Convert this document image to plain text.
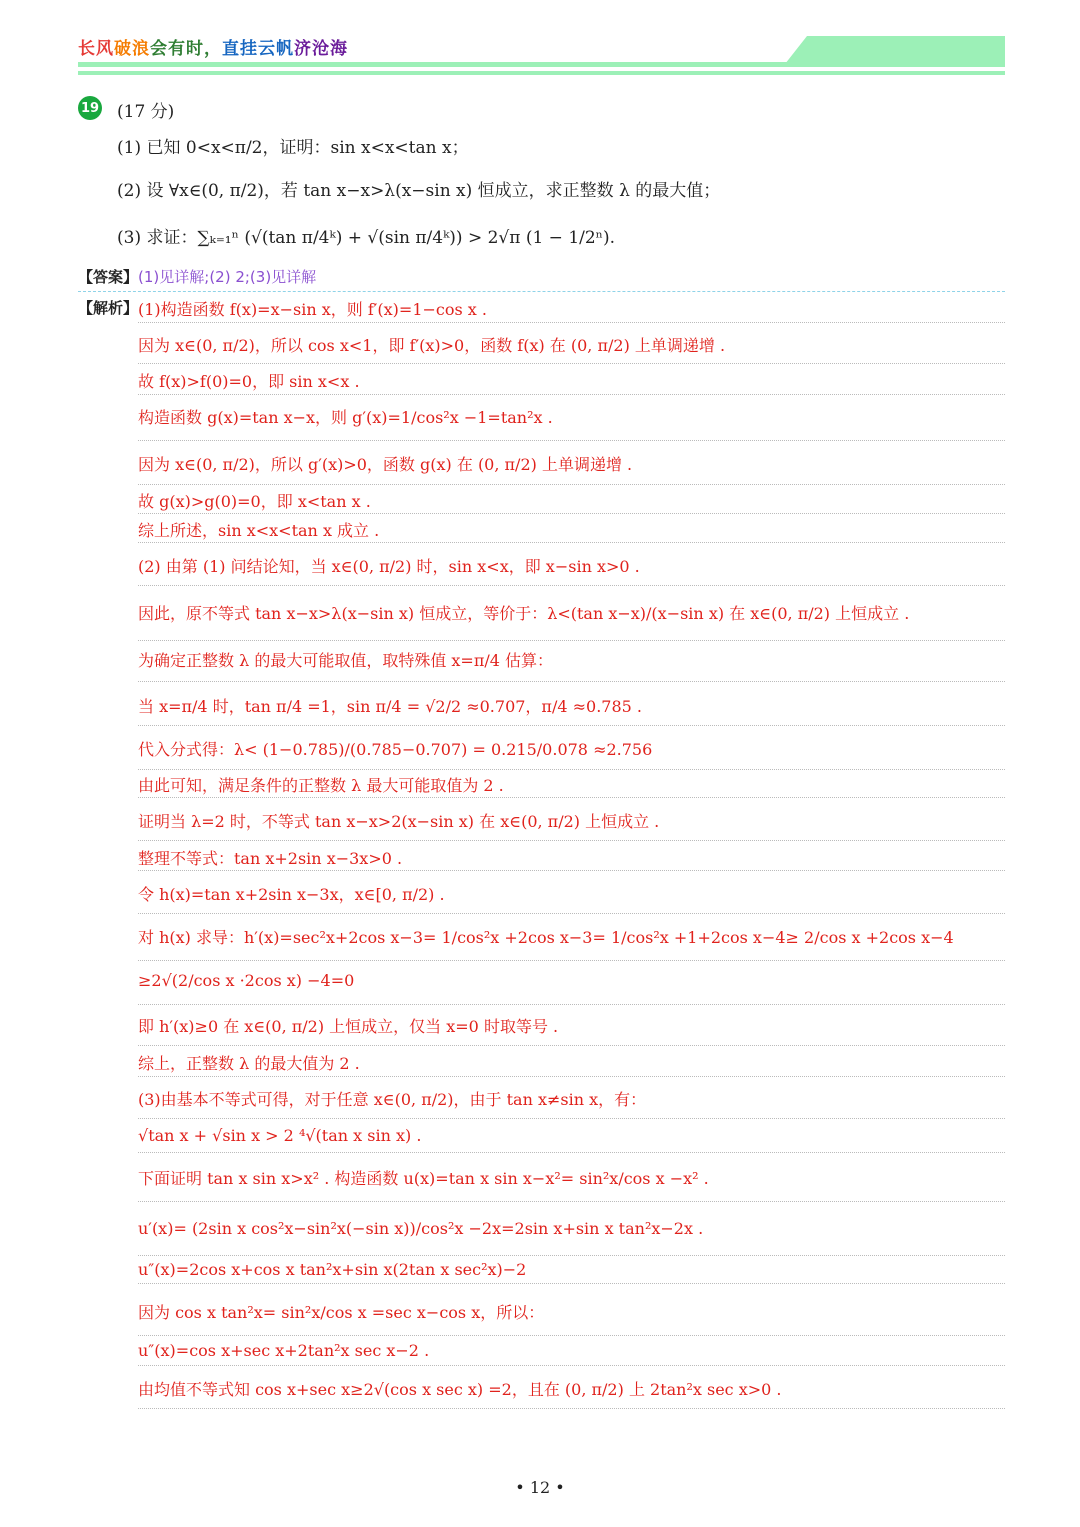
长风破浪会有时，直挂云帆济沧海
19 (17 分)
(1) 已知 0<x<π/2，证明：sin x<x<tan x；
(2) 设 ∀x∈(0, π/2)，若 tan x−x>λ(x−sin x) 恒成立，求正整数 λ 的最大值；
(3) 求证：∑ₖ₌₁ⁿ (√(tan π/4ᵏ) + √(sin π/4ᵏ)) > 2√π (1 − 1/2ⁿ).
【答案】(1)见详解;(2) 2;(3)见详解
【解析】 (1)构造函数 f(x)=x−sin x，则 f′(x)=1−cos x .
因为 x∈(0, π/2)，所以 cos x<1，即 f′(x)>0，函数 f(x) 在 (0, π/2) 上单调递增 .
故 f(x)>f(0)=0，即 sin x<x .
构造函数 g(x)=tan x−x，则 g′(x)=1/cos²x −1=tan²x .
因为 x∈(0, π/2)，所以 g′(x)>0，函数 g(x) 在 (0, π/2) 上单调递增 .
故 g(x)>g(0)=0，即 x<tan x .
综上所述，sin x<x<tan x 成立 .
(2) 由第 (1) 问结论知，当 x∈(0, π/2) 时，sin x<x，即 x−sin x>0 .
因此，原不等式 tan x−x>λ(x−sin x) 恒成立，等价于：λ<(tan x−x)/(x−sin x) 在 x∈(0, π/2) 上恒成立 .
为确定正整数 λ 的最大可能取值，取特殊值 x=π/4 估算：
当 x=π/4 时，tan π/4 =1，sin π/4 = √2/2 ≈0.707，π/4 ≈0.785 .
代入分式得：λ< (1−0.785)/(0.785−0.707) = 0.215/0.078 ≈2.756
由此可知，满足条件的正整数 λ 最大可能取值为 2 .
证明当 λ=2 时，不等式 tan x−x>2(x−sin x) 在 x∈(0, π/2) 上恒成立 .
整理不等式：tan x+2sin x−3x>0 .
令 h(x)=tan x+2sin x−3x，x∈[0, π/2) .
对 h(x) 求导：h′(x)=sec²x+2cos x−3= 1/cos²x +2cos x−3= 1/cos²x +1+2cos x−4≥ 2/cos x +2cos x−4
≥2√(2/cos x ·2cos x) −4=0
即 h′(x)≥0 在 x∈(0, π/2) 上恒成立，仅当 x=0 时取等号 .
综上，正整数 λ 的最大值为 2 .
(3)由基本不等式可得，对于任意 x∈(0, π/2)，由于 tan x≠sin x，有：
√tan x + √sin x > 2 ⁴√(tan x sin x) .
下面证明 tan x sin x>x² . 构造函数 u(x)=tan x sin x−x²= sin²x/cos x −x² .
u′(x)= (2sin x cos²x−sin²x(−sin x))/cos²x −2x=2sin x+sin x tan²x−2x .
u″(x)=2cos x+cos x tan²x+sin x(2tan x sec²x)−2
因为 cos x tan²x= sin²x/cos x =sec x−cos x，所以：
u″(x)=cos x+sec x+2tan²x sec x−2 .
由均值不等式知 cos x+sec x≥2√(cos x sec x) =2，且在 (0, π/2) 上 2tan²x sec x>0 .
• 12 •
